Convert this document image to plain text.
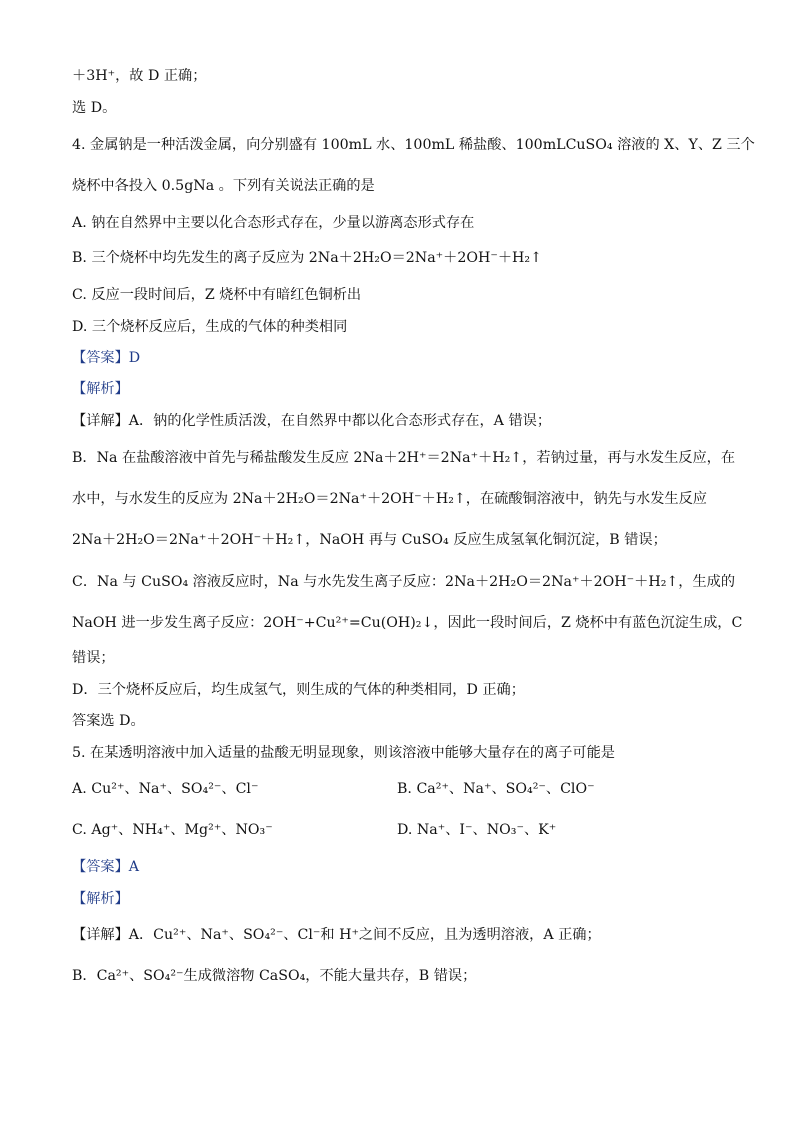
＋3H⁺，故 D 正确；
选 D。
4. 金属钠是一种活泼金属，向分别盛有 100mL 水、100mL 稀盐酸、100mLCuSO₄ 溶液的 X、Y、Z 三个
烧杯中各投入 0.5gNa 。下列有关说法正确的是
A. 钠在自然界中主要以化合态形式存在，少量以游离态形式存在
B. 三个烧杯中均先发生的离子反应为 2Na＋2H₂O＝2Na⁺＋2OH⁻＋H₂↑
C. 反应一段时间后，Z 烧杯中有暗红色铜析出
D. 三个烧杯反应后，生成的气体的种类相同
【答案】D
【解析】
【详解】A．钠的化学性质活泼，在自然界中都以化合态形式存在，A 错误；
B．Na 在盐酸溶液中首先与稀盐酸发生反应 2Na＋2H⁺＝2Na⁺＋H₂↑，若钠过量，再与水发生反应，在
水中，与水发生的反应为 2Na＋2H₂O＝2Na⁺＋2OH⁻＋H₂↑，在硫酸铜溶液中，钠先与水发生反应
2Na＋2H₂O＝2Na⁺＋2OH⁻＋H₂↑，NaOH 再与 CuSO₄ 反应生成氢氧化铜沉淀，B 错误；
C．Na 与 CuSO₄ 溶液反应时，Na 与水先发生离子反应：2Na＋2H₂O＝2Na⁺＋2OH⁻＋H₂↑，生成的
NaOH 进一步发生离子反应：2OH⁻+Cu²⁺=Cu(OH)₂↓，因此一段时间后，Z 烧杯中有蓝色沉淀生成，C
错误；
D．三个烧杯反应后，均生成氢气，则生成的气体的种类相同，D 正确；
答案选 D。
5. 在某透明溶液中加入适量的盐酸无明显现象，则该溶液中能够大量存在的离子可能是
A. Cu²⁺、Na⁺、SO₄²⁻、Cl⁻	B. Ca²⁺、Na⁺、SO₄²⁻、ClO⁻
C. Ag⁺、NH₄⁺、Mg²⁺、NO₃⁻	D. Na⁺、I⁻、NO₃⁻、K⁺
【答案】A
【解析】
【详解】A．Cu²⁺、Na⁺、SO₄²⁻、Cl⁻和 H⁺之间不反应，且为透明溶液，A 正确；
B．Ca²⁺、SO₄²⁻生成微溶物 CaSO₄，不能大量共存，B 错误；
